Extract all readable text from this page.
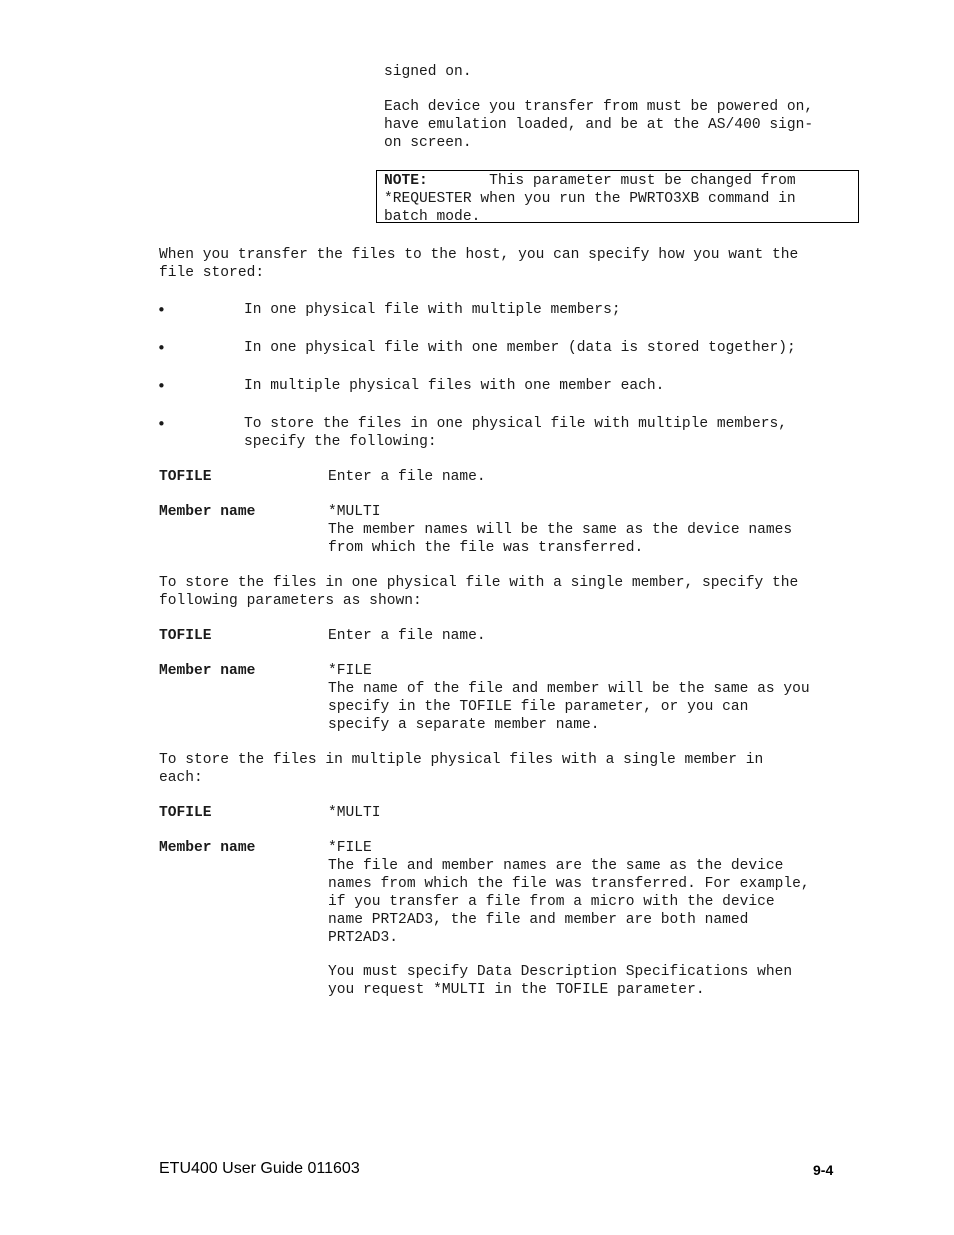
signed on.

Each device you transfer from must be powered on,
have emulation loaded, and be at the AS/400 sign-
on screen.

NOTE:       This parameter must be changed from
*REQUESTER when you run the PWRTO3XB command in
batch mode.

When you transfer the files to the host, you can specify how you want the
file stored:

•	In one physical file with multiple members;

•	In one physical file with one member (data is stored together);

•	In multiple physical files with one member each.

•	To store the files in one physical file with multiple members,
specify the following:

TOFILE	Enter a file name.

Member name	*MULTI
The member names will be the same as the device names
from which the file was transferred.

To store the files in one physical file with a single member, specify the
following parameters as shown:

TOFILE	Enter a file name.

Member name	*FILE
The name of the file and member will be the same as you
specify in the TOFILE file parameter, or you can
specify a separate member name.

To store the files in multiple physical files with a single member in
each:

TOFILE	*MULTI

Member name	*FILE
The file and member names are the same as the device
names from which the file was transferred. For example,
if you transfer a file from a micro with the device
name PRT2AD3, the file and member are both named
PRT2AD3.

You must specify Data Description Specifications when
you request *MULTI in the TOFILE parameter.

ETU400 User Guide 011603	9-4
